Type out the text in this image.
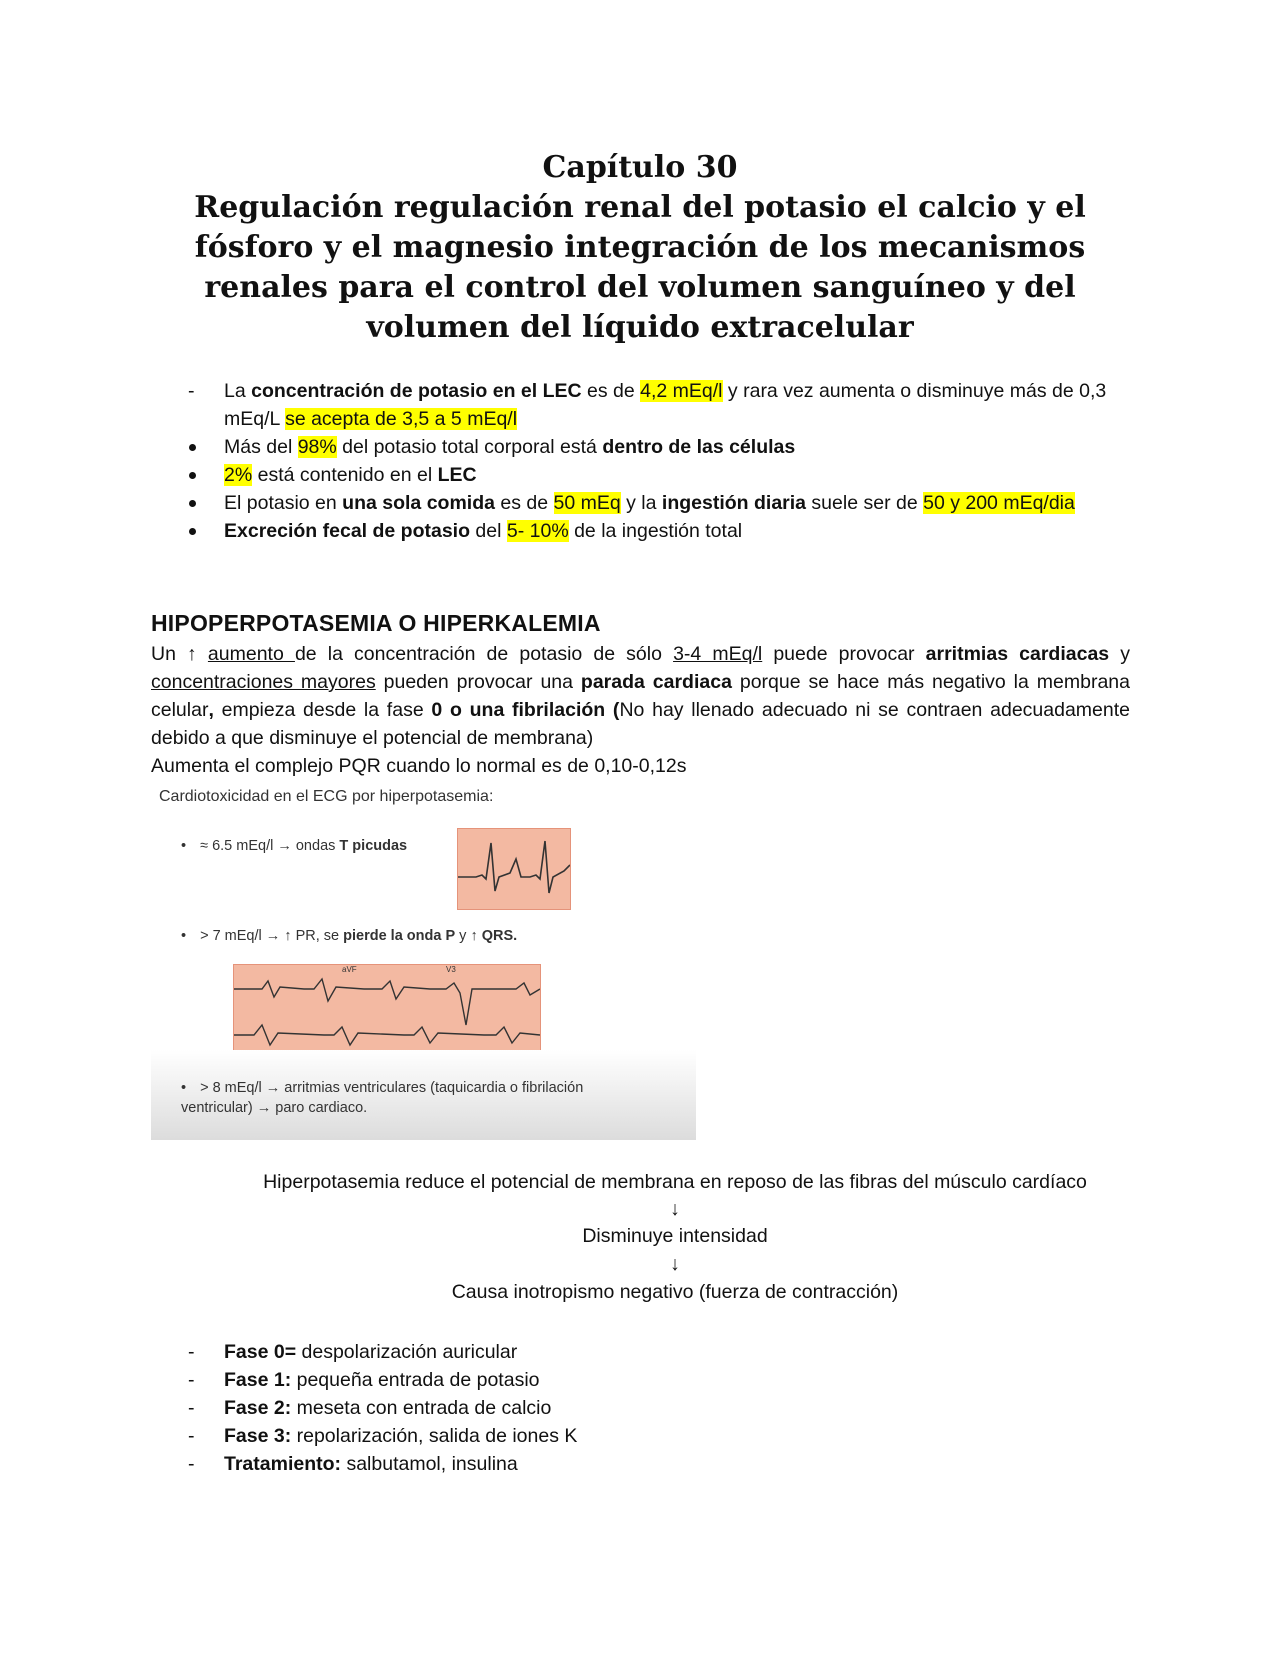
Capítulo 30
Regulación regulación renal del potasio el calcio y el fósforo y el magnesio integración de los mecanismos renales para el control del volumen sanguíneo y del volumen del líquido extracelular
- La concentración de potasio en el LEC es de 4,2 mEq/l y rara vez aumenta o disminuye más de 0,3 mEq/L se acepta de 3,5 a 5 mEq/l
Más del 98% del potasio total corporal está dentro de las células
2% está contenido en el LEC
El potasio en una sola comida es de 50 mEq y la ingestión diaria suele ser de 50 y 200 mEq/dia
Excreción fecal de potasio del 5- 10% de la ingestión total
HIPOPERPOTASEMIA O HIPERKALEMIA
Un ↑ aumento de la concentración de potasio de sólo 3-4 mEq/l puede provocar arritmias cardiacas y concentraciones mayores pueden provocar una parada cardiaca porque se hace más negativo la membrana celular, empieza desde la fase 0 o una fibrilación (No hay llenado adecuado ni se contraen adecuadamente debido a que disminuye el potencial de membrana)
Aumenta el complejo PQR cuando lo normal es de 0,10-0,12s
Cardiotoxicidad en el ECG por hiperpotasemia:
• ≈ 6.5 mEq/l → ondas T picudas
• > 7 mEq/l → ↑ PR, se pierde la onda P y ↑ QRS.
aVF	V3
• > 8 mEq/l → arritmias ventriculares (taquicardia o fibrilación ventricular) → paro cardiaco.
Hiperpotasemia reduce el potencial de membrana en reposo de las fibras del músculo cardíaco
↓
Disminuye intensidad
↓
Causa inotropismo negativo (fuerza de contracción)
- Fase 0= despolarización auricular
- Fase 1: pequeña entrada de potasio
- Fase 2: meseta con entrada de calcio
- Fase 3: repolarización, salida de iones K
- Tratamiento: salbutamol, insulina
